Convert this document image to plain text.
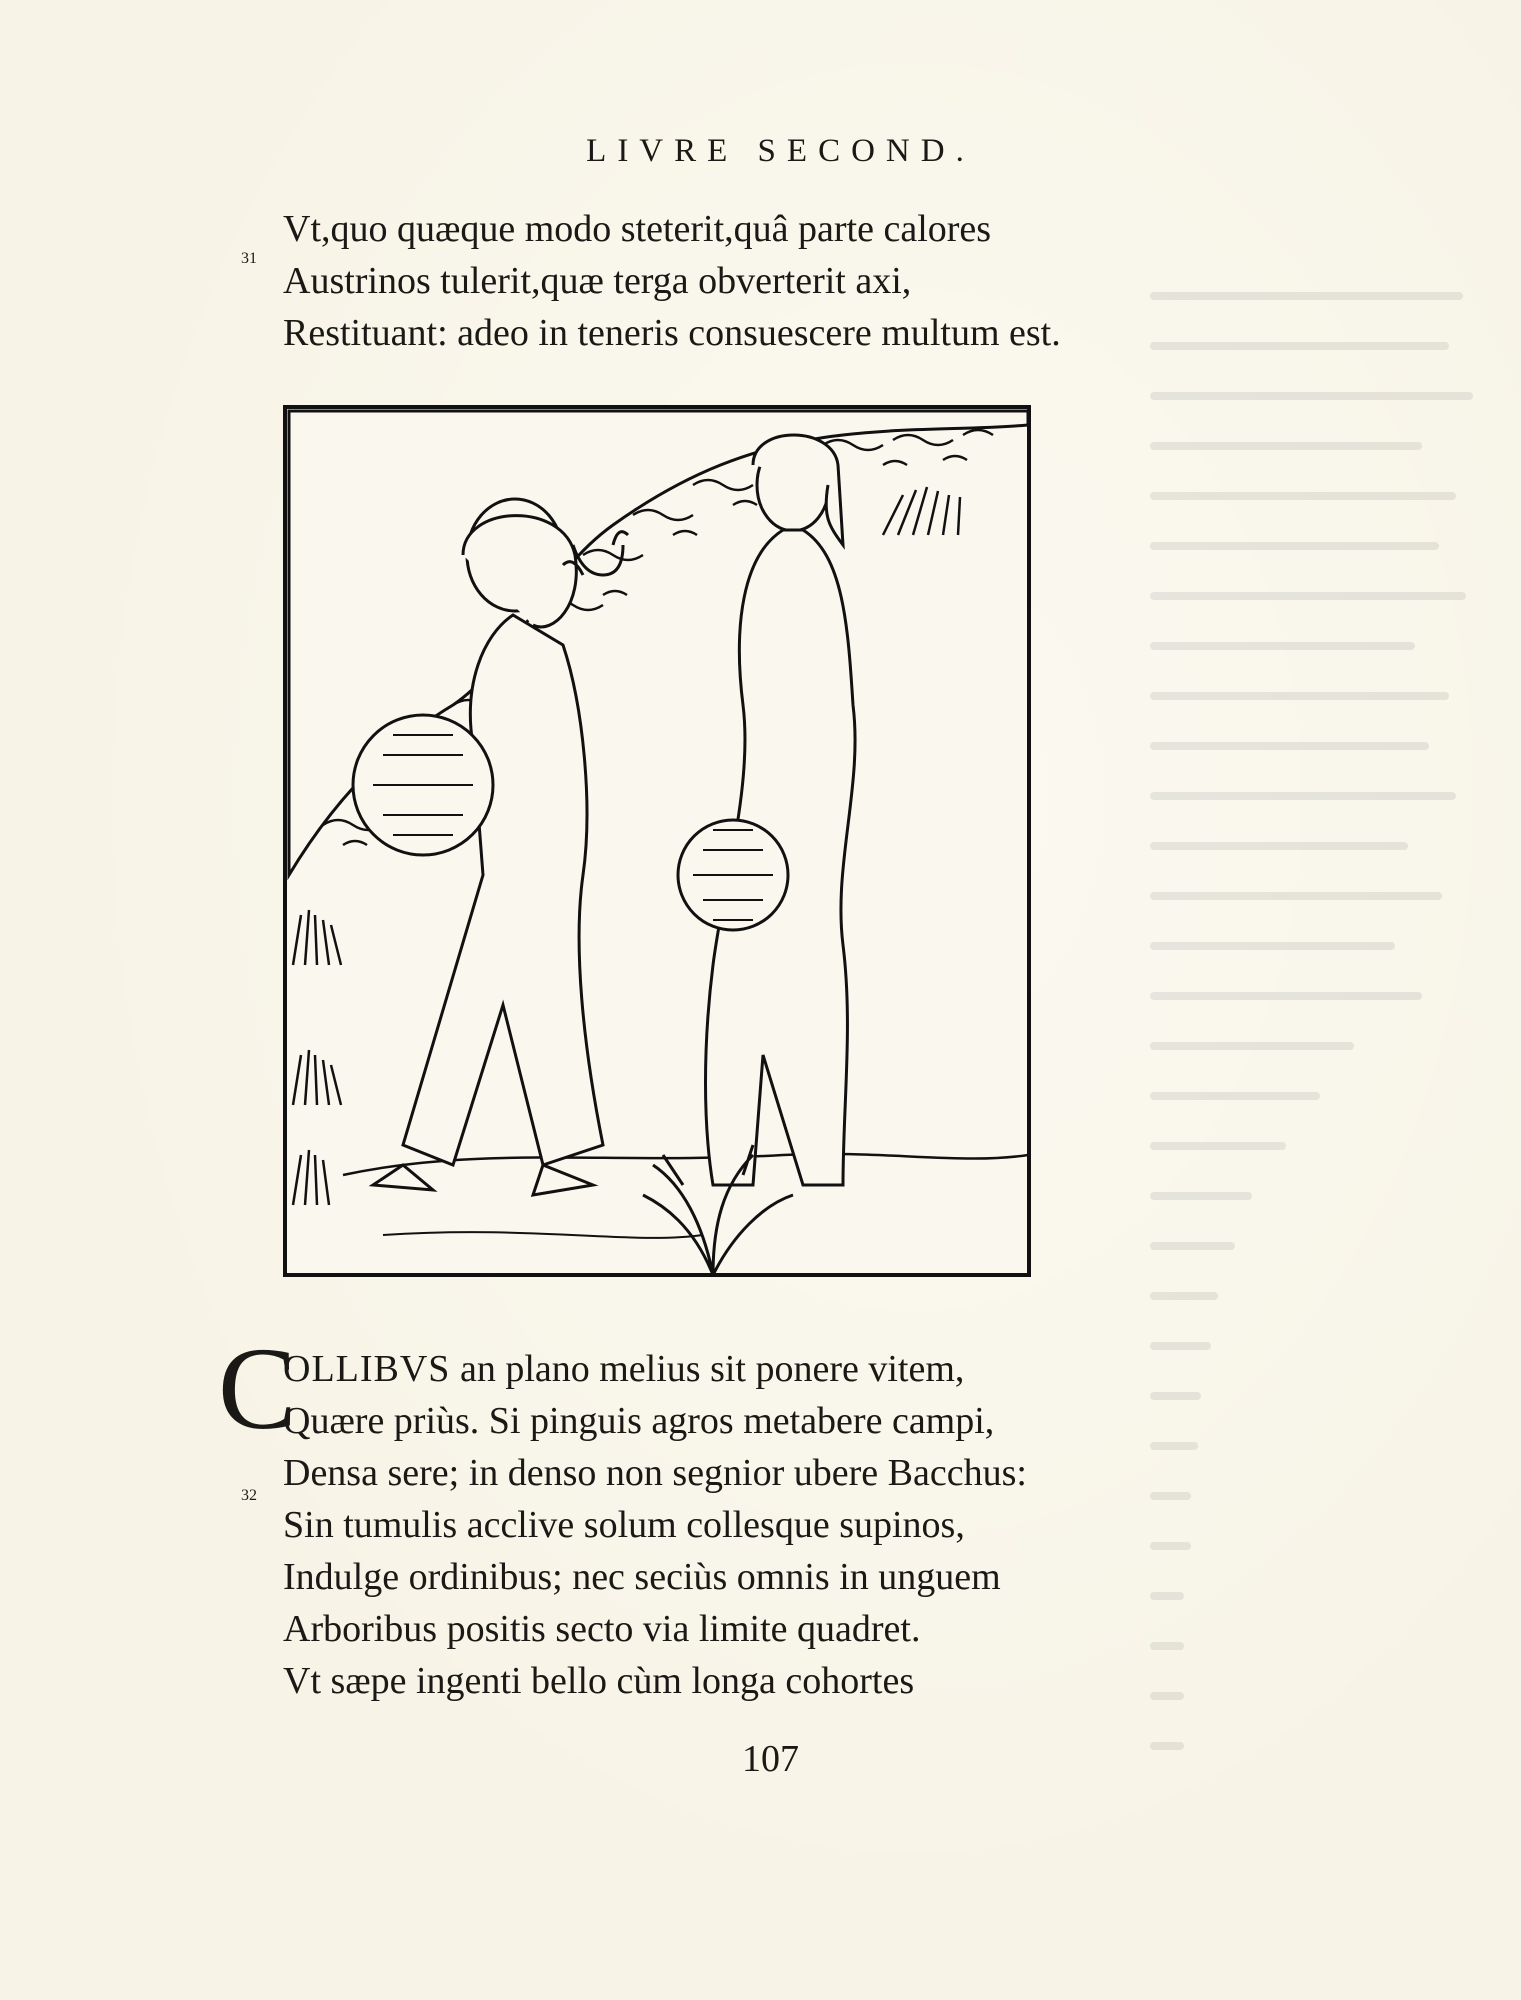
LIVRE SECOND.
31
Vt,quo quæque modo steterit,quâ parte calores
Austrinos tulerit,quæ terga obverterit axi,
Restituant: adeo in teneris consuescere multum est.
C
32
OLLIBVS an plano melius sit ponere vitem,
Quære priùs. Si pinguis agros metabere campi,
Densa sere; in denso non segnior ubere Bacchus:
Sin tumulis acclive solum collesque supinos,
Indulge ordinibus; nec seciùs omnis in unguem
Arboribus positis secto via limite quadret.
Vt sæpe ingenti bello cùm longa cohortes
107
